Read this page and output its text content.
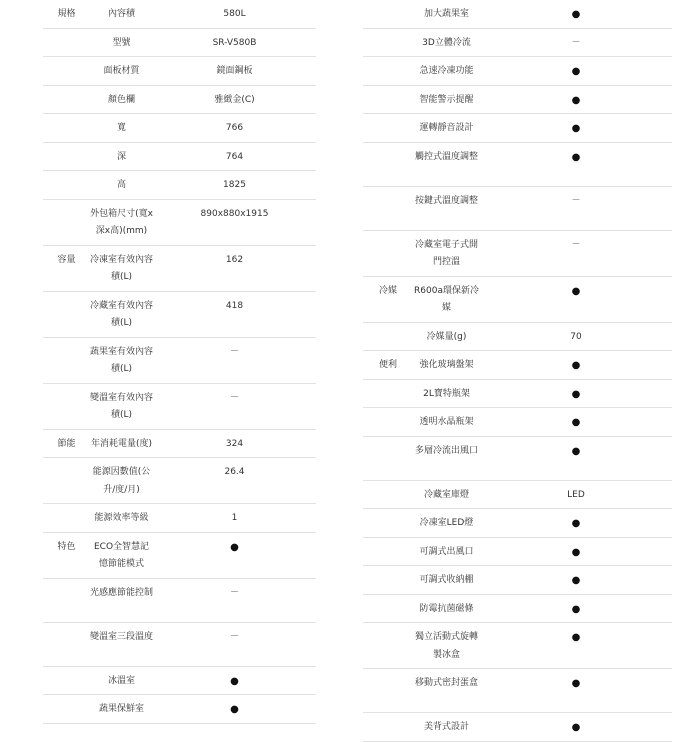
規格	內容積	580L
	型號	SR-V580B
	面板材質	鏡面鋼板
	顏色欄	雅緻金(C)
	寬	766
	深	764
	高	1825
	外包箱尺寸(寬x深x高)(mm)	890x880x1915
容量	冷凍室有效內容積(L)	162
	冷藏室有效內容積(L)	418
	蔬果室有效內容積(L)	－
	變溫室有效內容積(L)	－
節能	年消耗電量(度)	324
	能源因數值(公升/度/月)	26.4
	能源效率等級	1
特色	ECO全智慧記憶節能模式	●
	光感應節能控制	－
	變溫室三段溫度	－
	冰溫室	●
	蔬果保鮮室	●
	加大蔬果室	●
	3D立體冷流	－
	急速冷凍功能	●
	智能警示提醒	●
	運轉靜音設計	●
	觸控式溫度調整	●
	按鍵式溫度調整	－
	冷藏室電子式開門控溫	－
冷媒	R600a環保新冷媒	●
	冷媒量(g)	70
便利	強化玻璃盤架	●
	2L寶特瓶架	●
	透明水晶瓶架	●
	多層冷流出風口	●
	冷藏室庫燈	LED
	冷凍室LED燈	●
	可調式出風口	●
	可調式收納棚	●
	防霉抗菌磁條	●
	獨立活動式旋轉製冰盒	●
	移動式密封蛋盒	●
	美背式設計	●
